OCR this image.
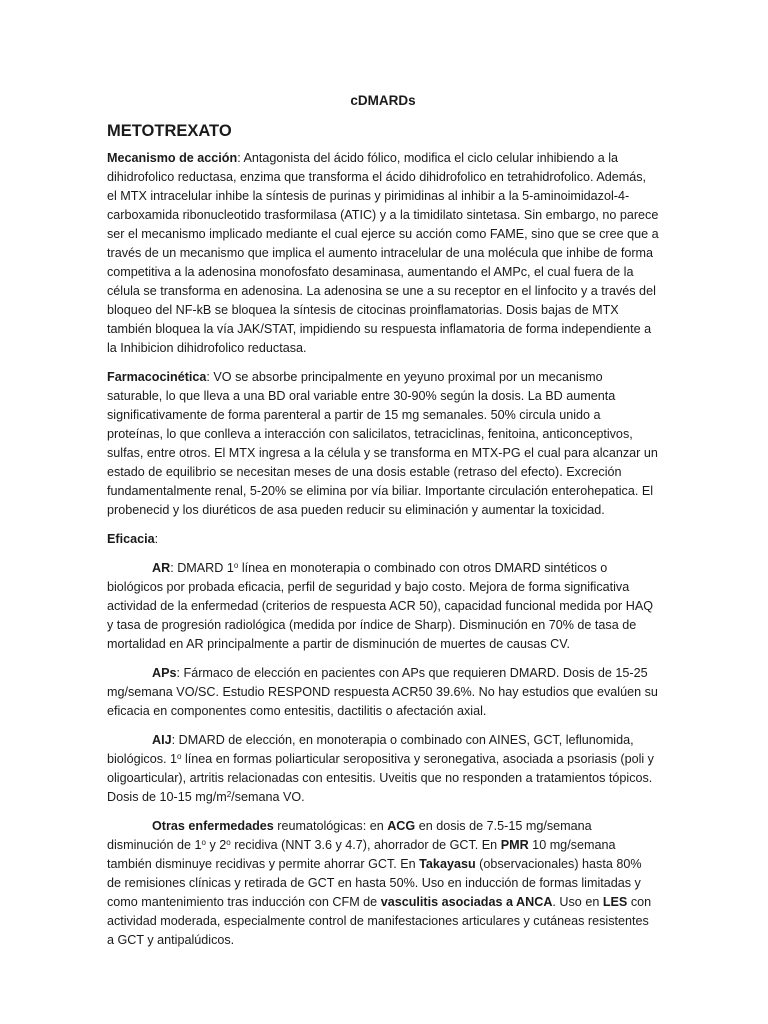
cDMARDs
METOTREXATO

Mecanismo de acción: Antagonista del ácido fólico, modifica el ciclo celular inhibiendo a la dihidrofolico reductasa, enzima que transforma el ácido dihidrofolico en tetrahidrofolico. Además, el MTX intracelular inhibe la síntesis de purinas y pirimidinas al inhibir a la 5-aminoimidazol-4-carboxamida ribonucleotido trasformilasa (ATIC) y a la timidilato sintetasa. Sin embargo, no parece ser el mecanismo implicado mediante el cual ejerce su acción como FAME, sino que se cree que a través de un mecanismo que implica el aumento intracelular de una molécula que inhibe de forma competitiva a la adenosina monofosfato desaminasa, aumentando el AMPc, el cual fuera de la célula se transforma en adenosina. La adenosina se une a su receptor en el linfocito y a través del bloqueo del NF-kB se bloquea la síntesis de citocinas proinflamatorias. Dosis bajas de MTX también bloquea la vía JAK/STAT, impidiendo su respuesta inflamatoria de forma independiente a la Inhibicion dihidrofolico reductasa.

Farmacocinética: VO se absorbe principalmente en yeyuno proximal por un mecanismo saturable, lo que lleva a una BD oral variable entre 30-90% según la dosis. La BD aumenta significativamente de forma parenteral a partir de 15 mg semanales. 50% circula unido a proteínas, lo que conlleva a interacción con salicilatos, tetraciclinas, fenitoina, anticonceptivos, sulfas, entre otros. El MTX ingresa a la célula y se transforma en MTX-⁠PG el cual para alcanzar un estado de equilibrio se necesitan meses de una dosis estable (retraso del efecto). Excreción fundamentalmente renal, 5-20% se elimina por vía biliar. Importante circulación enterohepatica. El probenecid y los diuréticos de asa pueden reducir su eliminación y aumentar la toxicidad.

Eficacia:

AR: DMARD 1$^o$ línea en monoterapia o combinado con otros DMARD sintéticos o biológicos por probada eficacia, perfil de seguridad y bajo costo. Mejora de forma significativa actividad de la enfermedad (criterios de respuesta ACR 50), capacidad funcional medida por HAQ y tasa de progresión radiológica (medida por índice de Sharp). Disminución en 70% de tasa de mortalidad en AR principalmente a partir de disminución de muertes de causas CV.

APs: Fármaco de elección en pacientes con APs que requieren DMARD. Dosis de 15-25 mg/semana VO/SC. Estudio RESPOND respuesta ACR50 39.6%. No hay estudios que evalúen su eficacia en componentes como entesitis, dactilitis o afectación axial.

AIJ: DMARD de elección, en monoterapia o combinado con AINES, GCT, leflunomida, biológicos. 1$^o$ línea en formas poliarticular seropositiva y seronegativa, asociada a psoriasis (poli y oligoarticular), artritis relacionadas con entesitis. Uveitis que no responden a tratamientos tópicos. Dosis de 10-15 $mg/m^2$/semana VO.

Otras enfermedades reumatológicas: en ACG en dosis de 7.5-15 mg/semana disminución de 1$^o$ y 2$^o$ recidiva (NNT 3.6 y 4.7), ahorrador de GCT. En PMR 10 mg/semana también disminuye recidivas y permite ahorrar GCT. En Takayasu (observacionales) hasta 80% de remisiones clínicas y retirada de GCT en hasta 50%. Uso en inducción de formas limitadas y como mantenimiento tras inducción con CFM de vasculitis asociadas a ANCA. Uso en LES con actividad moderada, especialmente control de manifestaciones articulares y cutáneas resistentes a GCT y antipalúdicos.
